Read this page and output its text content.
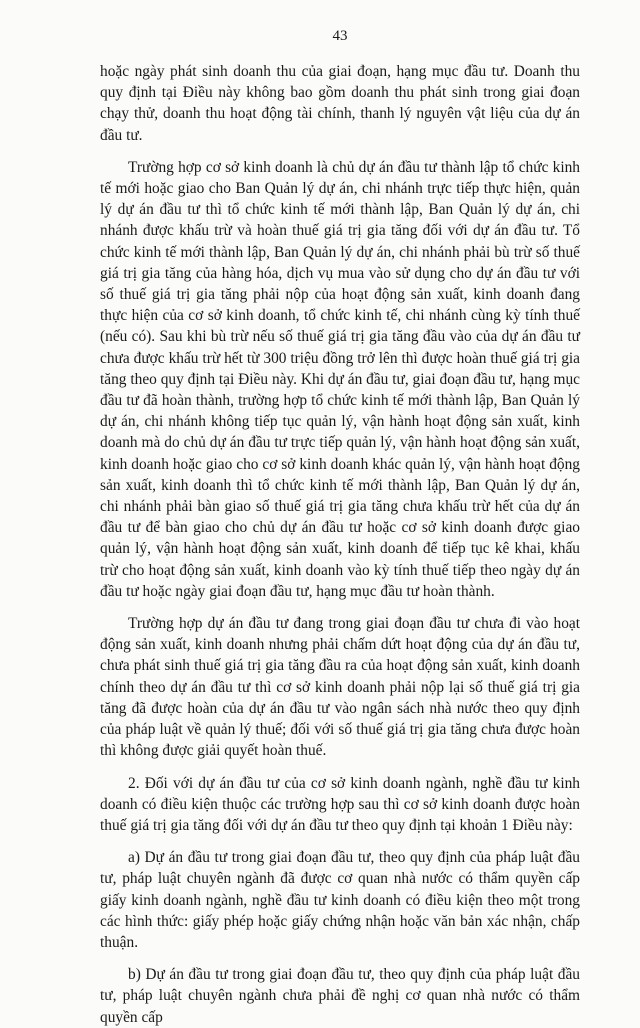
43

hoặc ngày phát sinh doanh thu của giai đoạn, hạng mục đầu tư. Doanh thu quy định tại Điều này không bao gồm doanh thu phát sinh trong giai đoạn chạy thử, doanh thu hoạt động tài chính, thanh lý nguyên vật liệu của dự án đầu tư.

Trường hợp cơ sở kinh doanh là chủ dự án đầu tư thành lập tổ chức kinh tế mới hoặc giao cho Ban Quản lý dự án, chi nhánh trực tiếp thực hiện, quản lý dự án đầu tư thì tổ chức kinh tế mới thành lập, Ban Quản lý dự án, chi nhánh được khấu trừ và hoàn thuế giá trị gia tăng đối với dự án đầu tư. Tổ chức kinh tế mới thành lập, Ban Quản lý dự án, chi nhánh phải bù trừ số thuế giá trị gia tăng của hàng hóa, dịch vụ mua vào sử dụng cho dự án đầu tư với số thuế giá trị gia tăng phải nộp của hoạt động sản xuất, kinh doanh đang thực hiện của cơ sở kinh doanh, tổ chức kinh tế, chi nhánh cùng kỳ tính thuế (nếu có). Sau khi bù trừ nếu số thuế giá trị gia tăng đầu vào của dự án đầu tư chưa được khấu trừ hết từ 300 triệu đồng trở lên thì được hoàn thuế giá trị gia tăng theo quy định tại Điều này. Khi dự án đầu tư, giai đoạn đầu tư, hạng mục đầu tư đã hoàn thành, trường hợp tổ chức kinh tế mới thành lập, Ban Quản lý dự án, chi nhánh không tiếp tục quản lý, vận hành hoạt động sản xuất, kinh doanh mà do chủ dự án đầu tư trực tiếp quản lý, vận hành hoạt động sản xuất, kinh doanh hoặc giao cho cơ sở kinh doanh khác quản lý, vận hành hoạt động sản xuất, kinh doanh thì tổ chức kinh tế mới thành lập, Ban Quản lý dự án, chi nhánh phải bàn giao số thuế giá trị gia tăng chưa khấu trừ hết của dự án đầu tư để bàn giao cho chủ dự án đầu tư hoặc cơ sở kinh doanh được giao quản lý, vận hành hoạt động sản xuất, kinh doanh để tiếp tục kê khai, khấu trừ cho hoạt động sản xuất, kinh doanh vào kỳ tính thuế tiếp theo ngày dự án đầu tư hoặc ngày giai đoạn đầu tư, hạng mục đầu tư hoàn thành.

Trường hợp dự án đầu tư đang trong giai đoạn đầu tư chưa đi vào hoạt động sản xuất, kinh doanh nhưng phải chấm dứt hoạt động của dự án đầu tư, chưa phát sinh thuế giá trị gia tăng đầu ra của hoạt động sản xuất, kinh doanh chính theo dự án đầu tư thì cơ sở kinh doanh phải nộp lại số thuế giá trị gia tăng đã được hoàn của dự án đầu tư vào ngân sách nhà nước theo quy định của pháp luật về quản lý thuế; đối với số thuế giá trị gia tăng chưa được hoàn thì không được giải quyết hoàn thuế.

2. Đối với dự án đầu tư của cơ sở kinh doanh ngành, nghề đầu tư kinh doanh có điều kiện thuộc các trường hợp sau thì cơ sở kinh doanh được hoàn thuế giá trị gia tăng đối với dự án đầu tư theo quy định tại khoản 1 Điều này:

a) Dự án đầu tư trong giai đoạn đầu tư, theo quy định của pháp luật đầu tư, pháp luật chuyên ngành đã được cơ quan nhà nước có thẩm quyền cấp giấy kinh doanh ngành, nghề đầu tư kinh doanh có điều kiện theo một trong các hình thức: giấy phép hoặc giấy chứng nhận hoặc văn bản xác nhận, chấp thuận.

b) Dự án đầu tư trong giai đoạn đầu tư, theo quy định của pháp luật đầu tư, pháp luật chuyên ngành chưa phải đề nghị cơ quan nhà nước có thẩm quyền cấp
